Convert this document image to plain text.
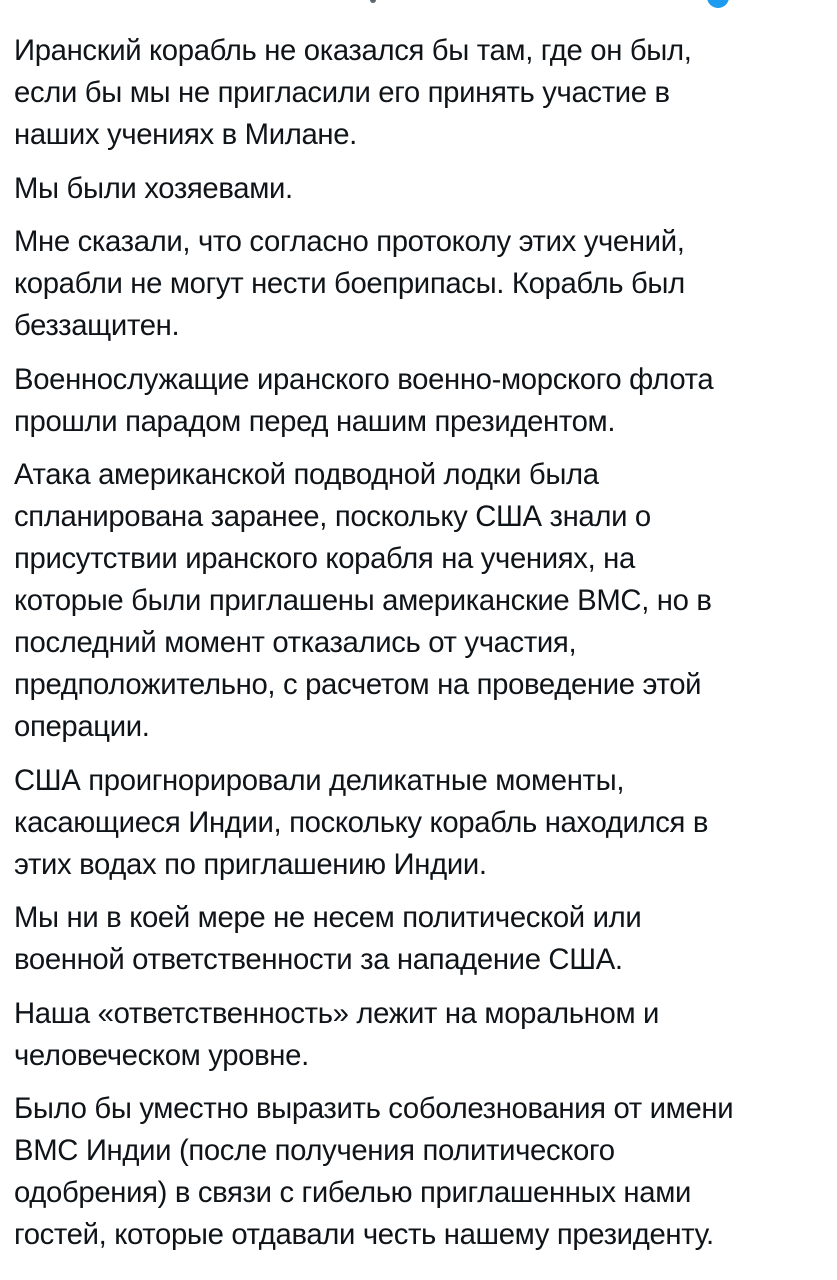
Иранский корабль не оказался бы там, где он был,
если бы мы не пригласили его принять участие в
наших учениях в Милане.

Мы были хозяевами.

Мне сказали, что согласно протоколу этих учений,
корабли не могут нести боеприпасы. Корабль был
беззащитен.

Военнослужащие иранского военно-морского флота
прошли парадом перед нашим президентом.

Атака американской подводной лодки была
спланирована заранее, поскольку США знали о
присутствии иранского корабля на учениях, на
которые были приглашены американские ВМС, но в
последний момент отказались от участия,
предположительно, с расчетом на проведение этой
операции.

США проигнорировали деликатные моменты,
касающиеся Индии, поскольку корабль находился в
этих водах по приглашению Индии.

Мы ни в коей мере не несем политической или
военной ответственности за нападение США.

Наша «ответственность» лежит на моральном и
человеческом уровне.

Было бы уместно выразить соболезнования от имени
ВМС Индии (после получения политического
одобрения) в связи с гибелью приглашенных нами
гостей, которые отдавали честь нашему президенту.
